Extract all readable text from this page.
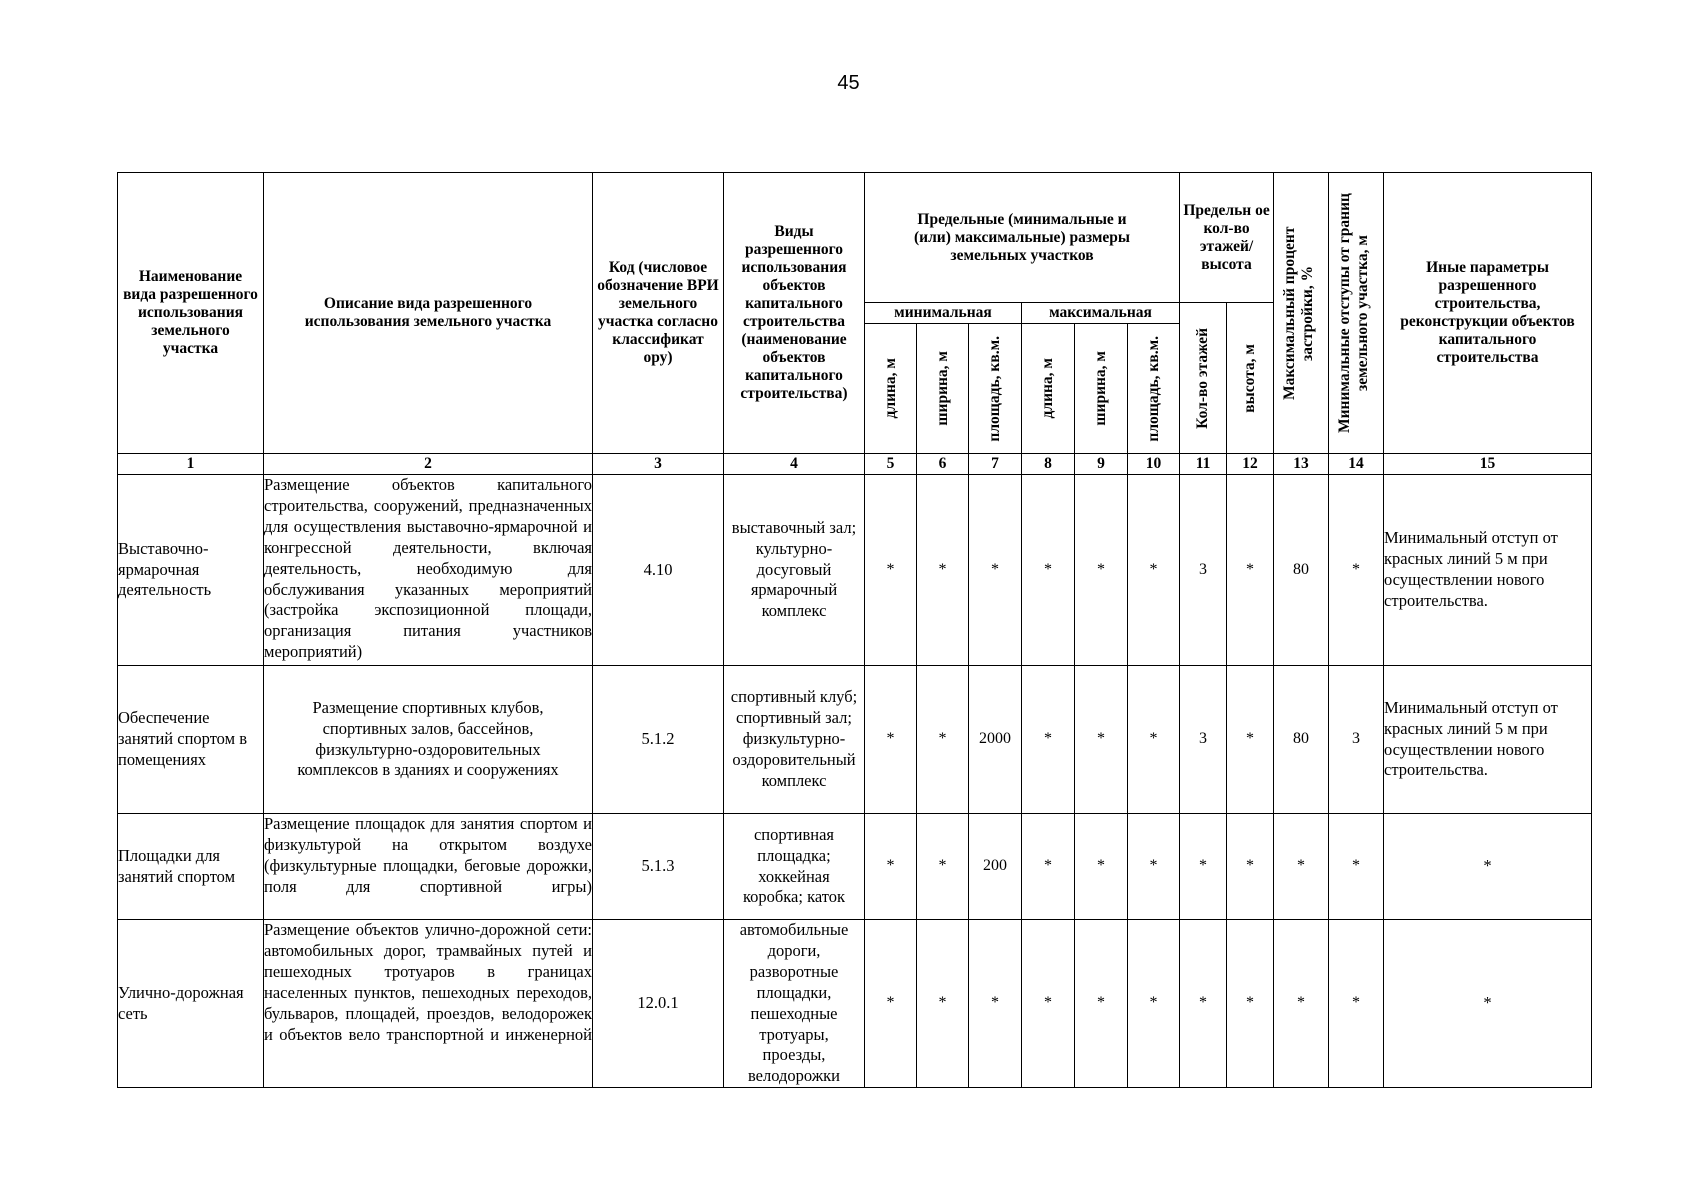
45
Наименование вида разрешенного использования земельного участка	Описание вида разрешенного использования земельного участка	Код (числовое обозначение ВРИ земельного участка согласно классификат ору)	Виды разрешенного использования объектов капитального строительства (наименование объектов капитального строительства)	Предельные (минимальные и (или) максимальные) размеры земельных участков						Предельн ое кол-во этажей/ высота		Максимальный процент застройки, %	Минимальные отступы от границ земельного участка, м	Иные параметры разрешенного строительства, реконструкции объектов капитального строительства
				минимальная			максимальная			Кол-во этажей	высота, м			

				длина, м	ширина, м	площадь, кв.м.	длина, м	ширина, м	площадь, кв.м.					

1	2	3	4	5	6	7	8	9	10	11	12	13	14	15
Выставочно-ярмарочная деятельность	Размещение объектов капитального строительства, сооружений, предназначенных для осуществления выставочно-ярмарочной и конгрессной деятельности, включая деятельность, необходимую для обслуживания указанных мероприятий (застройка экспозиционной площади, организация питания участников мероприятий)	4.10	выставочный зал; культурно-досуговый ярмарочный комплекс	*	*	*	*	*	*	3	*	80	*	Минимальный отступ от красных линий 5 м при осуществлении нового строительства.
Обеспечение занятий спортом в помещениях	Размещение спортивных клубов, спортивных залов, бассейнов, физкультурно-оздоровительных комплексов в зданиях и сооружениях	5.1.2	спортивный клуб; спортивный зал; физкультурно-оздоровительный комплекс	*	*	2000	*	*	*	3	*	80	3	Минимальный отступ от красных линий 5 м при осуществлении нового строительства.
Площадки для занятий спортом	Размещение площадок для занятия спортом и физкультурой на открытом воздухе (физкультурные площадки, беговые дорожки, поля для спортивной игры)	5.1.3	спортивная площадка; хоккейная коробка; каток	*	*	200	*	*	*	*	*	*	*	*
Улично-дорожная сеть	Размещение объектов улично-дорожной сети: автомобильных дорог, трамвайных путей и пешеходных тротуаров в границах населенных пунктов, пешеходных переходов, бульваров, площадей, проездов, велодорожек и объектов вело транспортной и инженерной	12.0.1	автомобильные дороги, разворотные площадки, пешеходные тротуары, проезды, велодорожки	*	*	*	*	*	*	*	*	*	*	*
